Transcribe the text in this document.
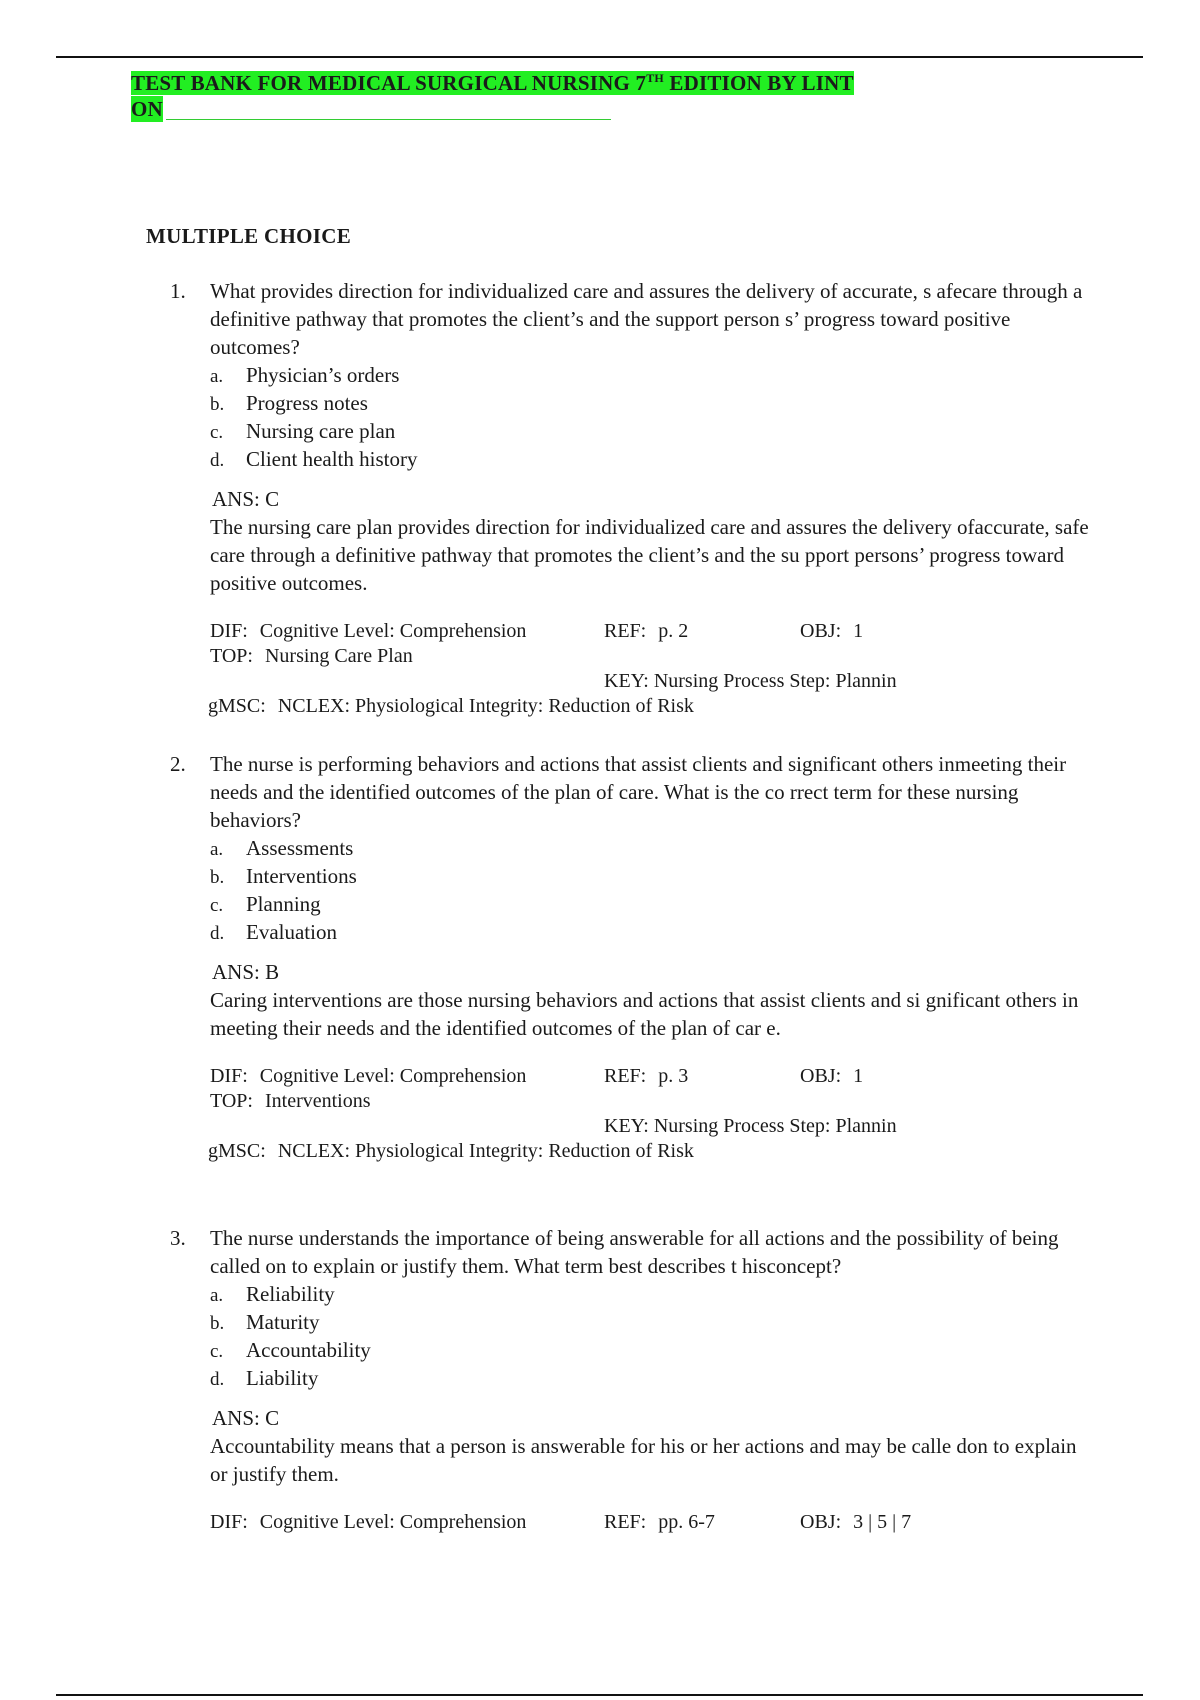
TEST BANK FOR MEDICAL SURGICAL NURSING 7TH EDITION BY LINT
ON
MULTIPLE CHOICE
1. What provides direction for individualized care and assures the delivery of accurate, s afecare through a definitive pathway that promotes the client’s and the support person s’ progress toward positive outcomes?
a. Physician’s orders
b. Progress notes
c. Nursing care plan
d. Client health history
ANS: C
The nursing care plan provides direction for individualized care and assures the delivery ofaccurate, safe care through a definitive pathway that promotes the client’s and the su pport persons’ progress toward positive outcomes.
DIF: Cognitive Level: Comprehension	REF: p. 2	OBJ: 1
TOP: Nursing Care Plan
KEY: Nursing Process Step: Plannin
gMSC: NCLEX: Physiological Integrity: Reduction of Risk
2. The nurse is performing behaviors and actions that assist clients and significant others inmeeting their needs and the identified outcomes of the plan of care. What is the co rrect term for these nursing behaviors?
a. Assessments
b. Interventions
c. Planning
d. Evaluation
ANS: B
Caring interventions are those nursing behaviors and actions that assist clients and si gnificant others in meeting their needs and the identified outcomes of the plan of car e.
DIF: Cognitive Level: Comprehension	REF: p. 3	OBJ: 1
TOP: Interventions
KEY: Nursing Process Step: Plannin
gMSC: NCLEX: Physiological Integrity: Reduction of Risk
3. The nurse understands the importance of being answerable for all actions and the possibility of being called on to explain or justify them. What term best describes t hisconcept?
a. Reliability
b. Maturity
c. Accountability
d. Liability
ANS: C
Accountability means that a person is answerable for his or her actions and may be calle don to explain or justify them.
DIF: Cognitive Level: Comprehension	REF: pp. 6-7	OBJ: 3 | 5 | 7
